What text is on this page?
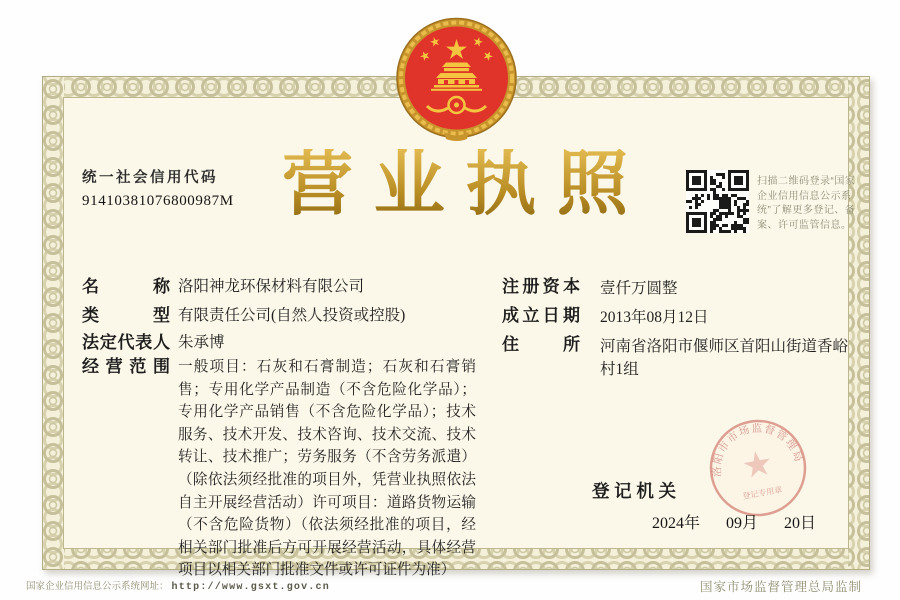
统一社会信用代码
91410381076800987M 营 业 执 照	扫描二维码登录“国家企业信用信息公示系统”了解更多登记、备案、许可监管信息。
名	称 洛阳神龙环保材料有限公司
类	型 有限责任公司(自然人投资或控股)
法 定 代 表 人 朱承博
经 营 范 围 一般项目：石灰和石膏制造；石灰和石膏销售；专用化学产品制造（不含危险化学品）；专用化学产品销售（不含危险化学品）；技术服务、技术开发、技术咨询、技术交流、技术转让、技术推广；劳务服务（不含劳务派遣）（除依法须经批准的项目外，凭营业执照依法自主开展经营活动）许可项目：道路货物运输（不含危险货物）（依法须经批准的项目，经相关部门批准后方可开展经营活动，具体经营项目以相关部门批准文件或许可证件为准）
注 册 资 本 壹仟万圆整
成 立 日 期 2013年08月12日
住	所 河南省洛阳市偃师区首阳山街道香峪村1组
登 记 机 关
洛阳市市场监督管理局
登记专用章
2024年 09月 20日
国家企业信用信息公示系统网址： http://www.gsxt.gov.cn	国家市场监督管理总局监制
